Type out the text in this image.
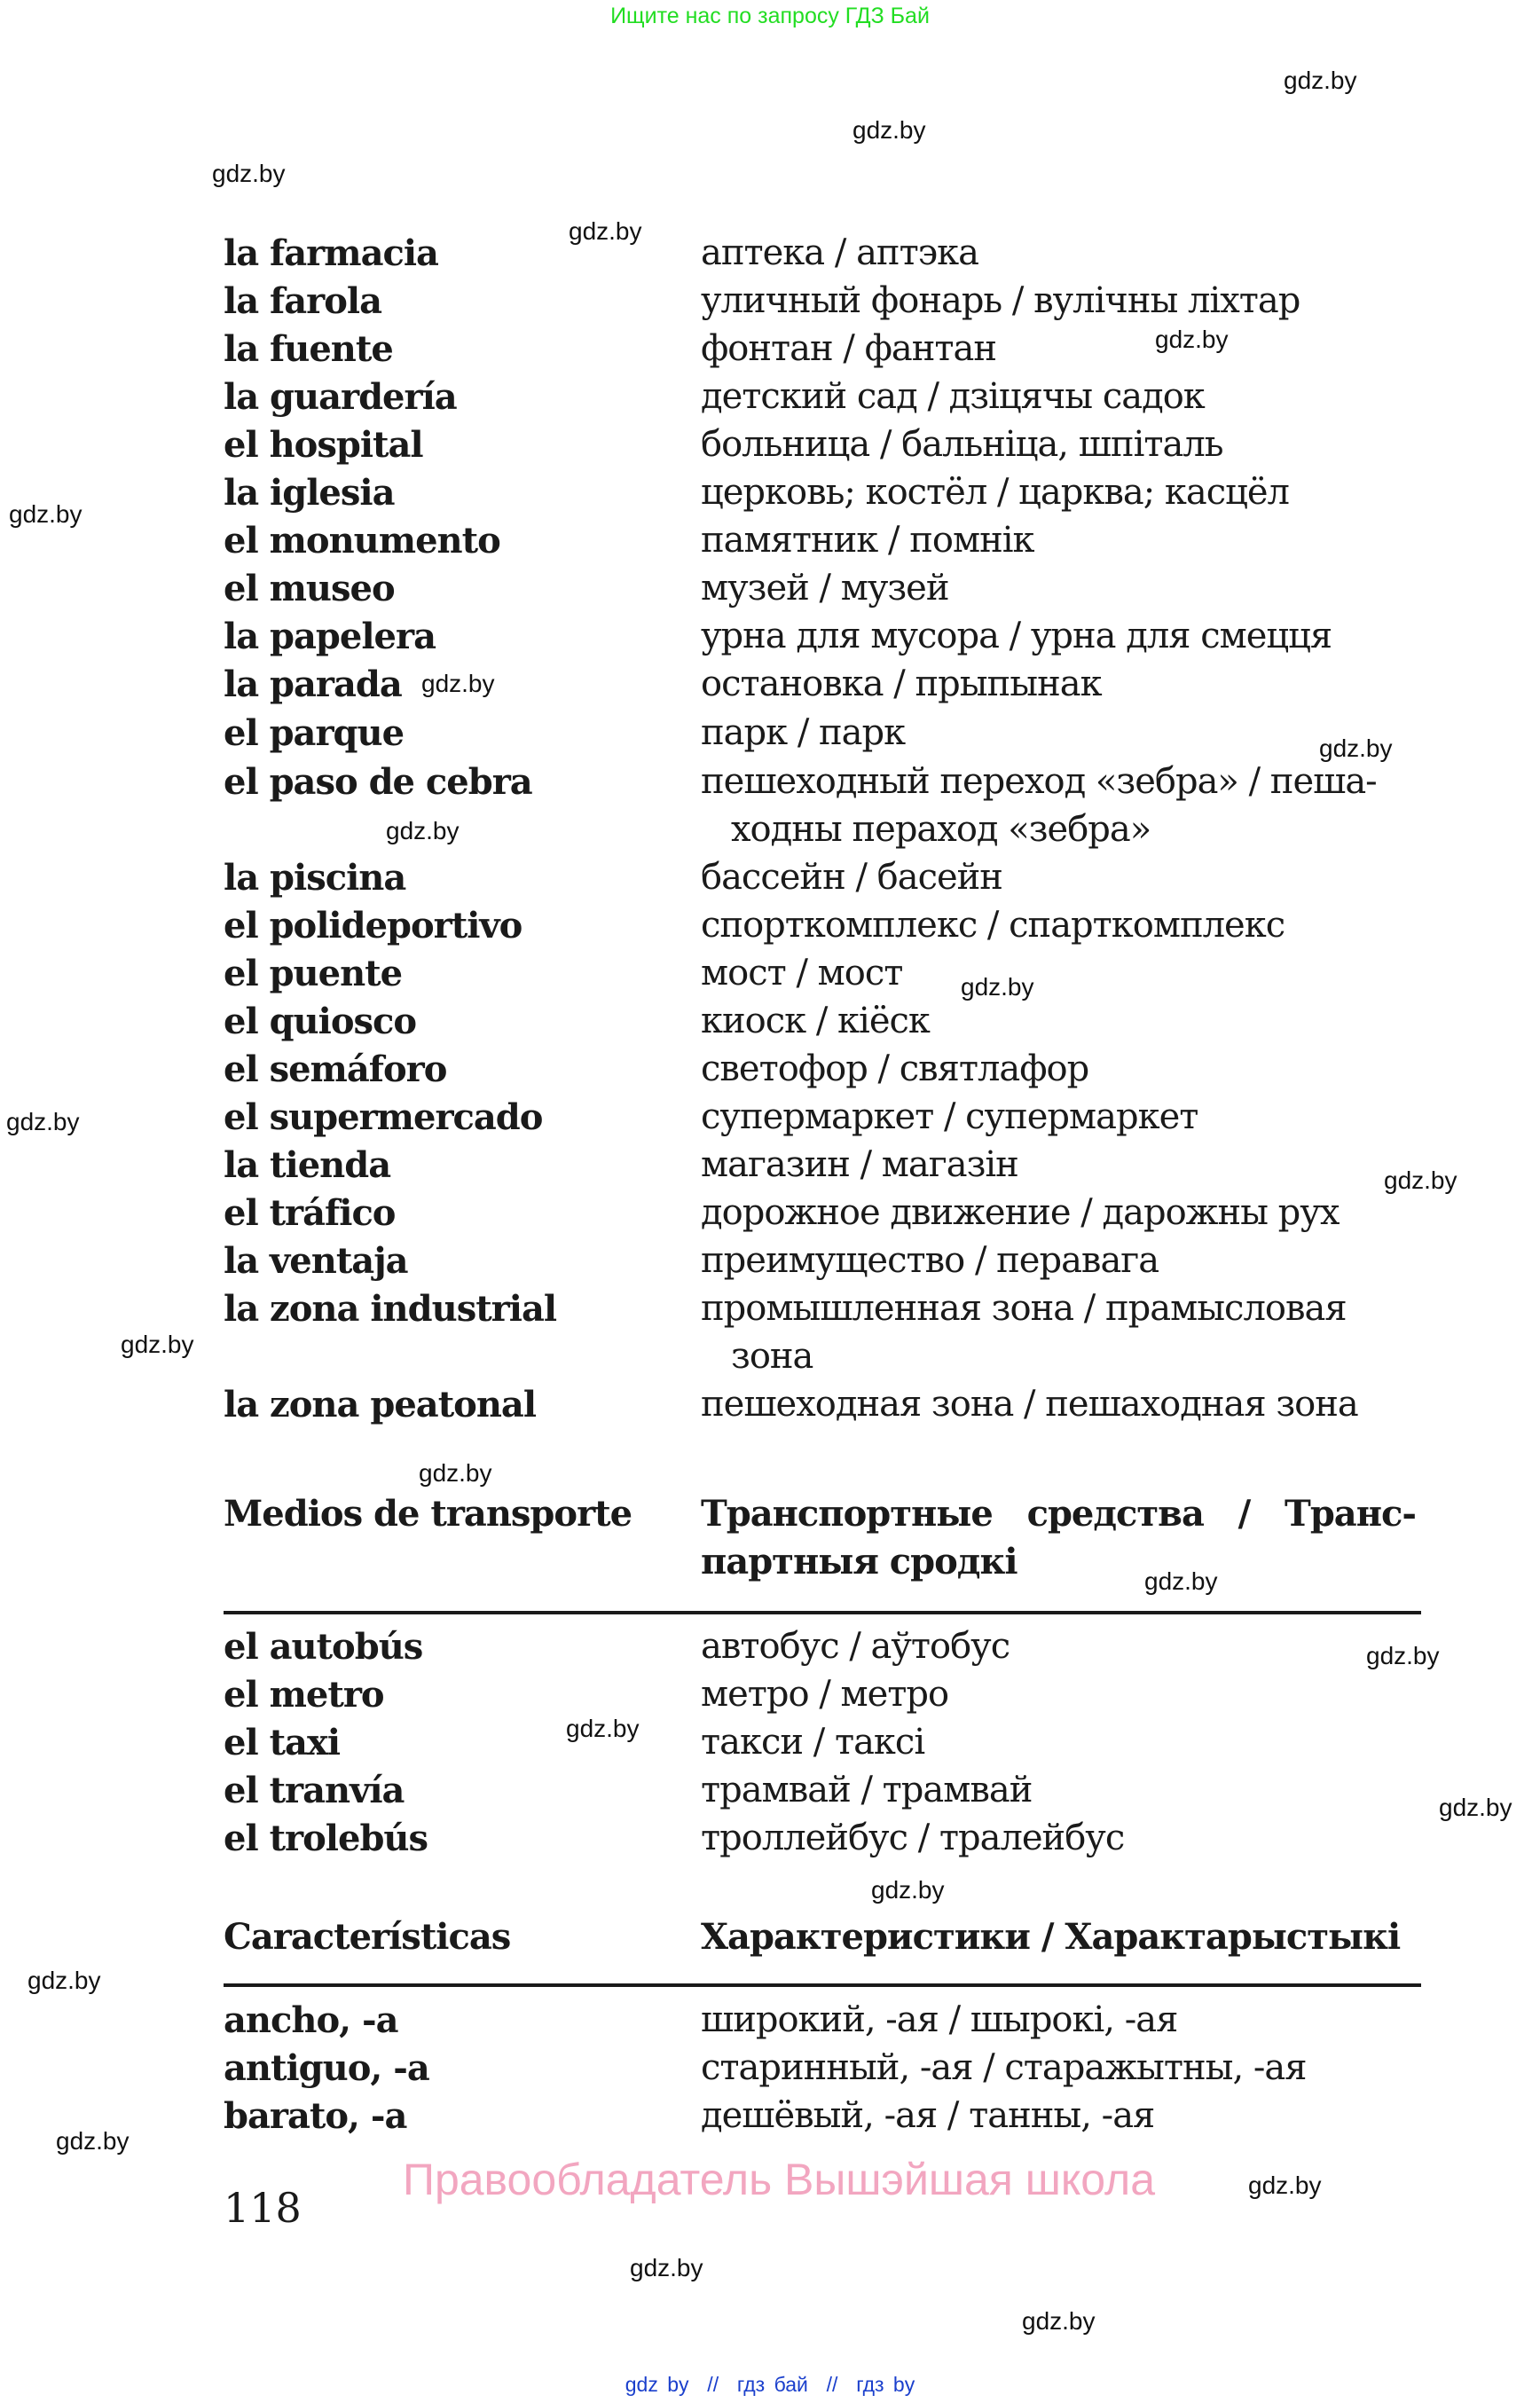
Ищите нас по запросу ГДЗ Бай
la farmacia	аптека / аптэка
la farola	уличный фонарь / вулічны ліхтар
la fuente	фонтан / фантан
la guardería	детский сад / дзіцячы садок
el hospital	больница / бальніца, шпіталь
la iglesia	церковь; костёл / царква; касцёл
el monumento	памятник / помнік
el museo	музей / музей
la papelera	урна для мусора / урна для смецця
la parada	остановка / прыпынак
el parque	парк / парк
el paso de cebra	пешеходный переход «зебра» / пеша-
ходны пераход «зебра»
la piscina	бассейн / басейн
el polideportivo	спорткомплекс / спарткомплекс
el puente	мост / мост
el quiosco	киоск / кіёск
el semáforo	светофор / святлафор
el supermercado	супермаркет / супермаркет
la tienda	магазин / магазін
el tráfico	дорожное движение / дарожны рух
la ventaja	преимущество / перавага
la zona industrial	промышленная зона / прамысловая
зона
la zona peatonal	пешеходная зона / пешаходная зона
Medios de transporte Транспортные   средства   /   Транс-
партныя сродкі
el autobús	автобус / аўтобус
el metro	метро / метро
el taxi	такси / таксі
el tranvía	трамвай / трамвай
el trolebús	троллейбус / тралейбус
Características	Характеристики / Характарыстыкі
ancho, -a	широкий, -ая / шырокі, -ая
antiguo, -a	старинный, -ая / старажытны, -ая
barato, -a	дешёвый, -ая / танны, -ая
Правообладатель Вышэйшая школа
118
gdz.by
gdz.by
gdz.by
gdz.by
gdz.by
gdz.by
gdz.by
gdz.by
gdz.by
gdz.by
gdz.by
gdz.by
gdz.by
gdz.by
gdz.by
gdz.by
gdz.by
gdz.by
gdz.by
gdz.by
gdz.by
gdz.by
gdz.by
gdz.by
gdz by  //  гдз бай  //  гдз by
